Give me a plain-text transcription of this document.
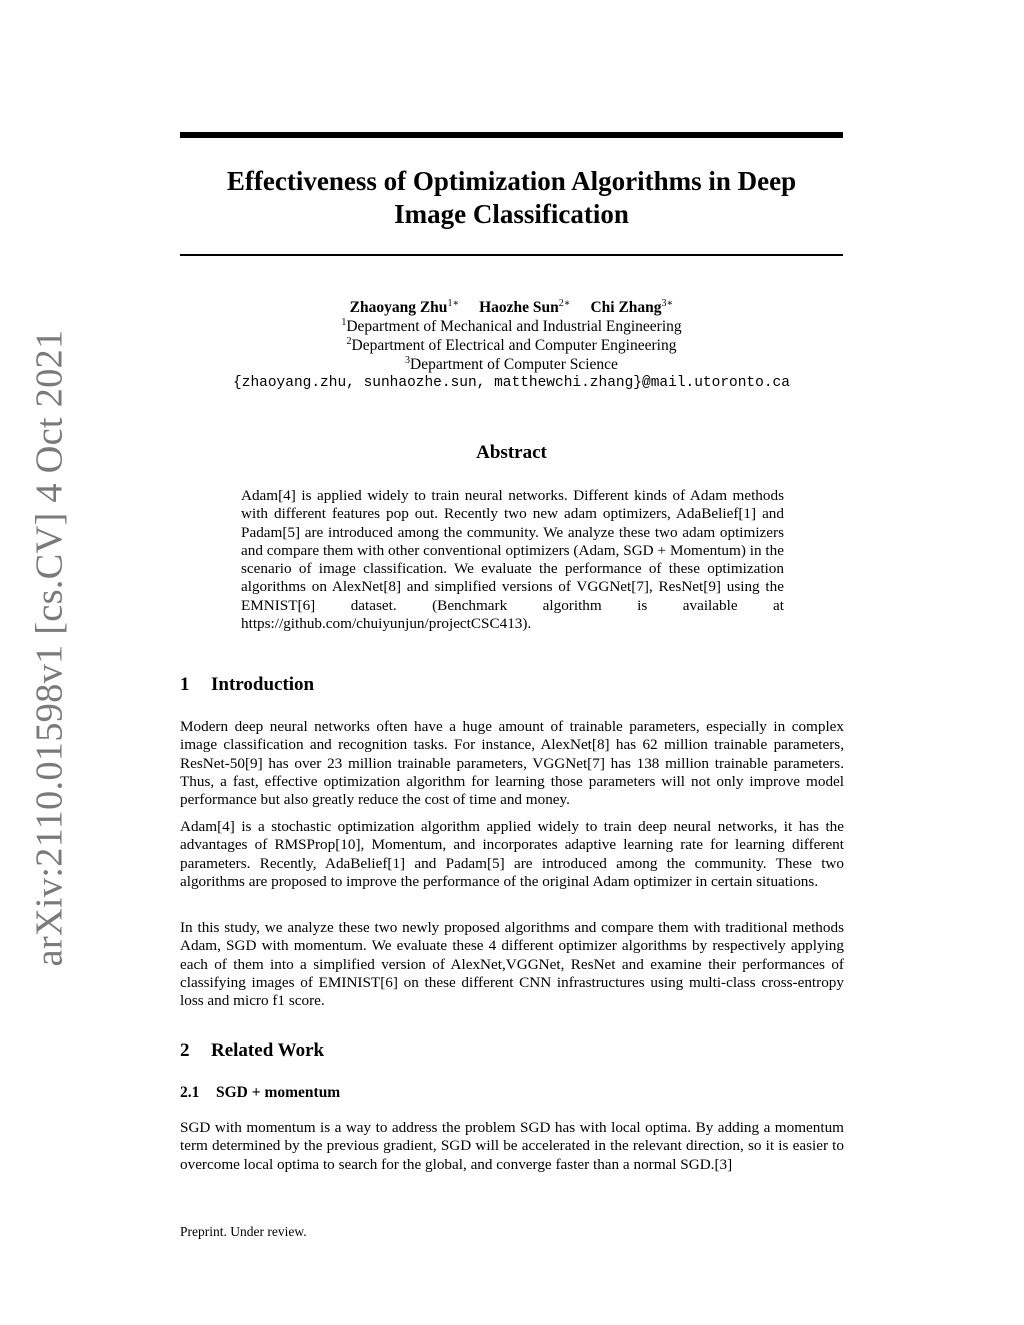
arXiv:2110.01598v1 [cs.CV] 4 Oct 2021
Effectiveness of Optimization Algorithms in Deep
Image Classification
Zhaoyang Zhu$^{1∗}$ Haozhe Sun$^{2∗}$ Chi Zhang$^{3∗}$
$^1$Department of Mechanical and Industrial Engineering
$^2$Department of Electrical and Computer Engineering
$^3$Department of Computer Science
{zhaoyang.zhu, sunhaozhe.sun, matthewchi.zhang}@mail.utoronto.ca
Abstract
Adam[4] is applied widely to train neural networks. Different kinds of Adam methods with different features pop out. Recently two new adam optimizers, AdaBelief[1] and Padam[5] are introduced among the community. We analyze these two adam optimizers and compare them with other conventional optimizers (Adam, SGD + Momentum) in the scenario of image classification. We evaluate the performance of these optimization algorithms on AlexNet[8] and simplified versions of VGGNet[7], ResNet[9] using the EMNIST[6] dataset. (Benchmark algorithm is available at https://github.com/chuiyunjun/projectCSC413).
1 Introduction
Modern deep neural networks often have a huge amount of trainable parameters, especially in complex image classification and recognition tasks. For instance, AlexNet[8] has 62 million trainable parameters, ResNet-50[9] has over 23 million trainable parameters, VGGNet[7] has 138 million trainable parameters. Thus, a fast, effective optimization algorithm for learning those parameters will not only improve model performance but also greatly reduce the cost of time and money.
Adam[4] is a stochastic optimization algorithm applied widely to train deep neural networks, it has the advantages of RMSProp[10], Momentum, and incorporates adaptive learning rate for learning different parameters. Recently, AdaBelief[1] and Padam[5] are introduced among the community. These two algorithms are proposed to improve the performance of the original Adam optimizer in certain situations.
In this study, we analyze these two newly proposed algorithms and compare them with traditional methods Adam, SGD with momentum. We evaluate these 4 different optimizer algorithms by respectively applying each of them into a simplified version of AlexNet,VGGNet, ResNet and examine their performances of classifying images of EMINIST[6] on these different CNN infrastructures using multi-class cross-entropy loss and micro f1 score.
2 Related Work
2.1 SGD + momentum
SGD with momentum is a way to address the problem SGD has with local optima. By adding a momentum term determined by the previous gradient, SGD will be accelerated in the relevant direction, so it is easier to overcome local optima to search for the global, and converge faster than a normal SGD.[3]
Preprint. Under review.
